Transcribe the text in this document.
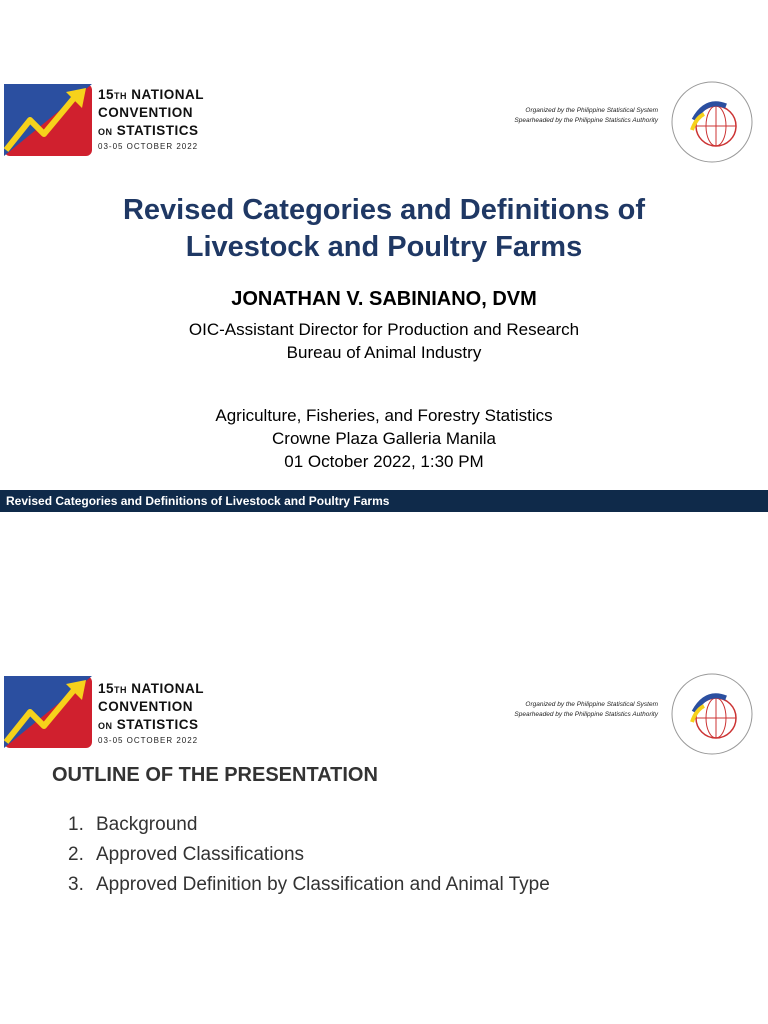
15TH NATIONAL
CONVENTION
$^{ON}$ STATISTICS
03-05 OCTOBER 2022
Organized by the Philippine Statistical System
Spearheaded by the Philippine Statistics Authority
Revised Categories and Definitions of
Livestock and Poultry Farms
JONATHAN V. SABINIANO, DVM
OIC-Assistant Director for Production and Research
Bureau of Animal Industry
Agriculture, Fisheries, and Forestry Statistics
Crowne Plaza Galleria Manila
01 October 2022, 1:30 PM
Revised Categories and Definitions of Livestock and Poultry Farms
15TH NATIONAL
CONVENTION
$^{ON}$ STATISTICS
03-05 OCTOBER 2022
Organized by the Philippine Statistical System
Spearheaded by the Philippine Statistics Authority
OUTLINE OF THE PRESENTATION
1. Background
2. Approved Classifications
3. Approved Definition by Classification and Animal Type
